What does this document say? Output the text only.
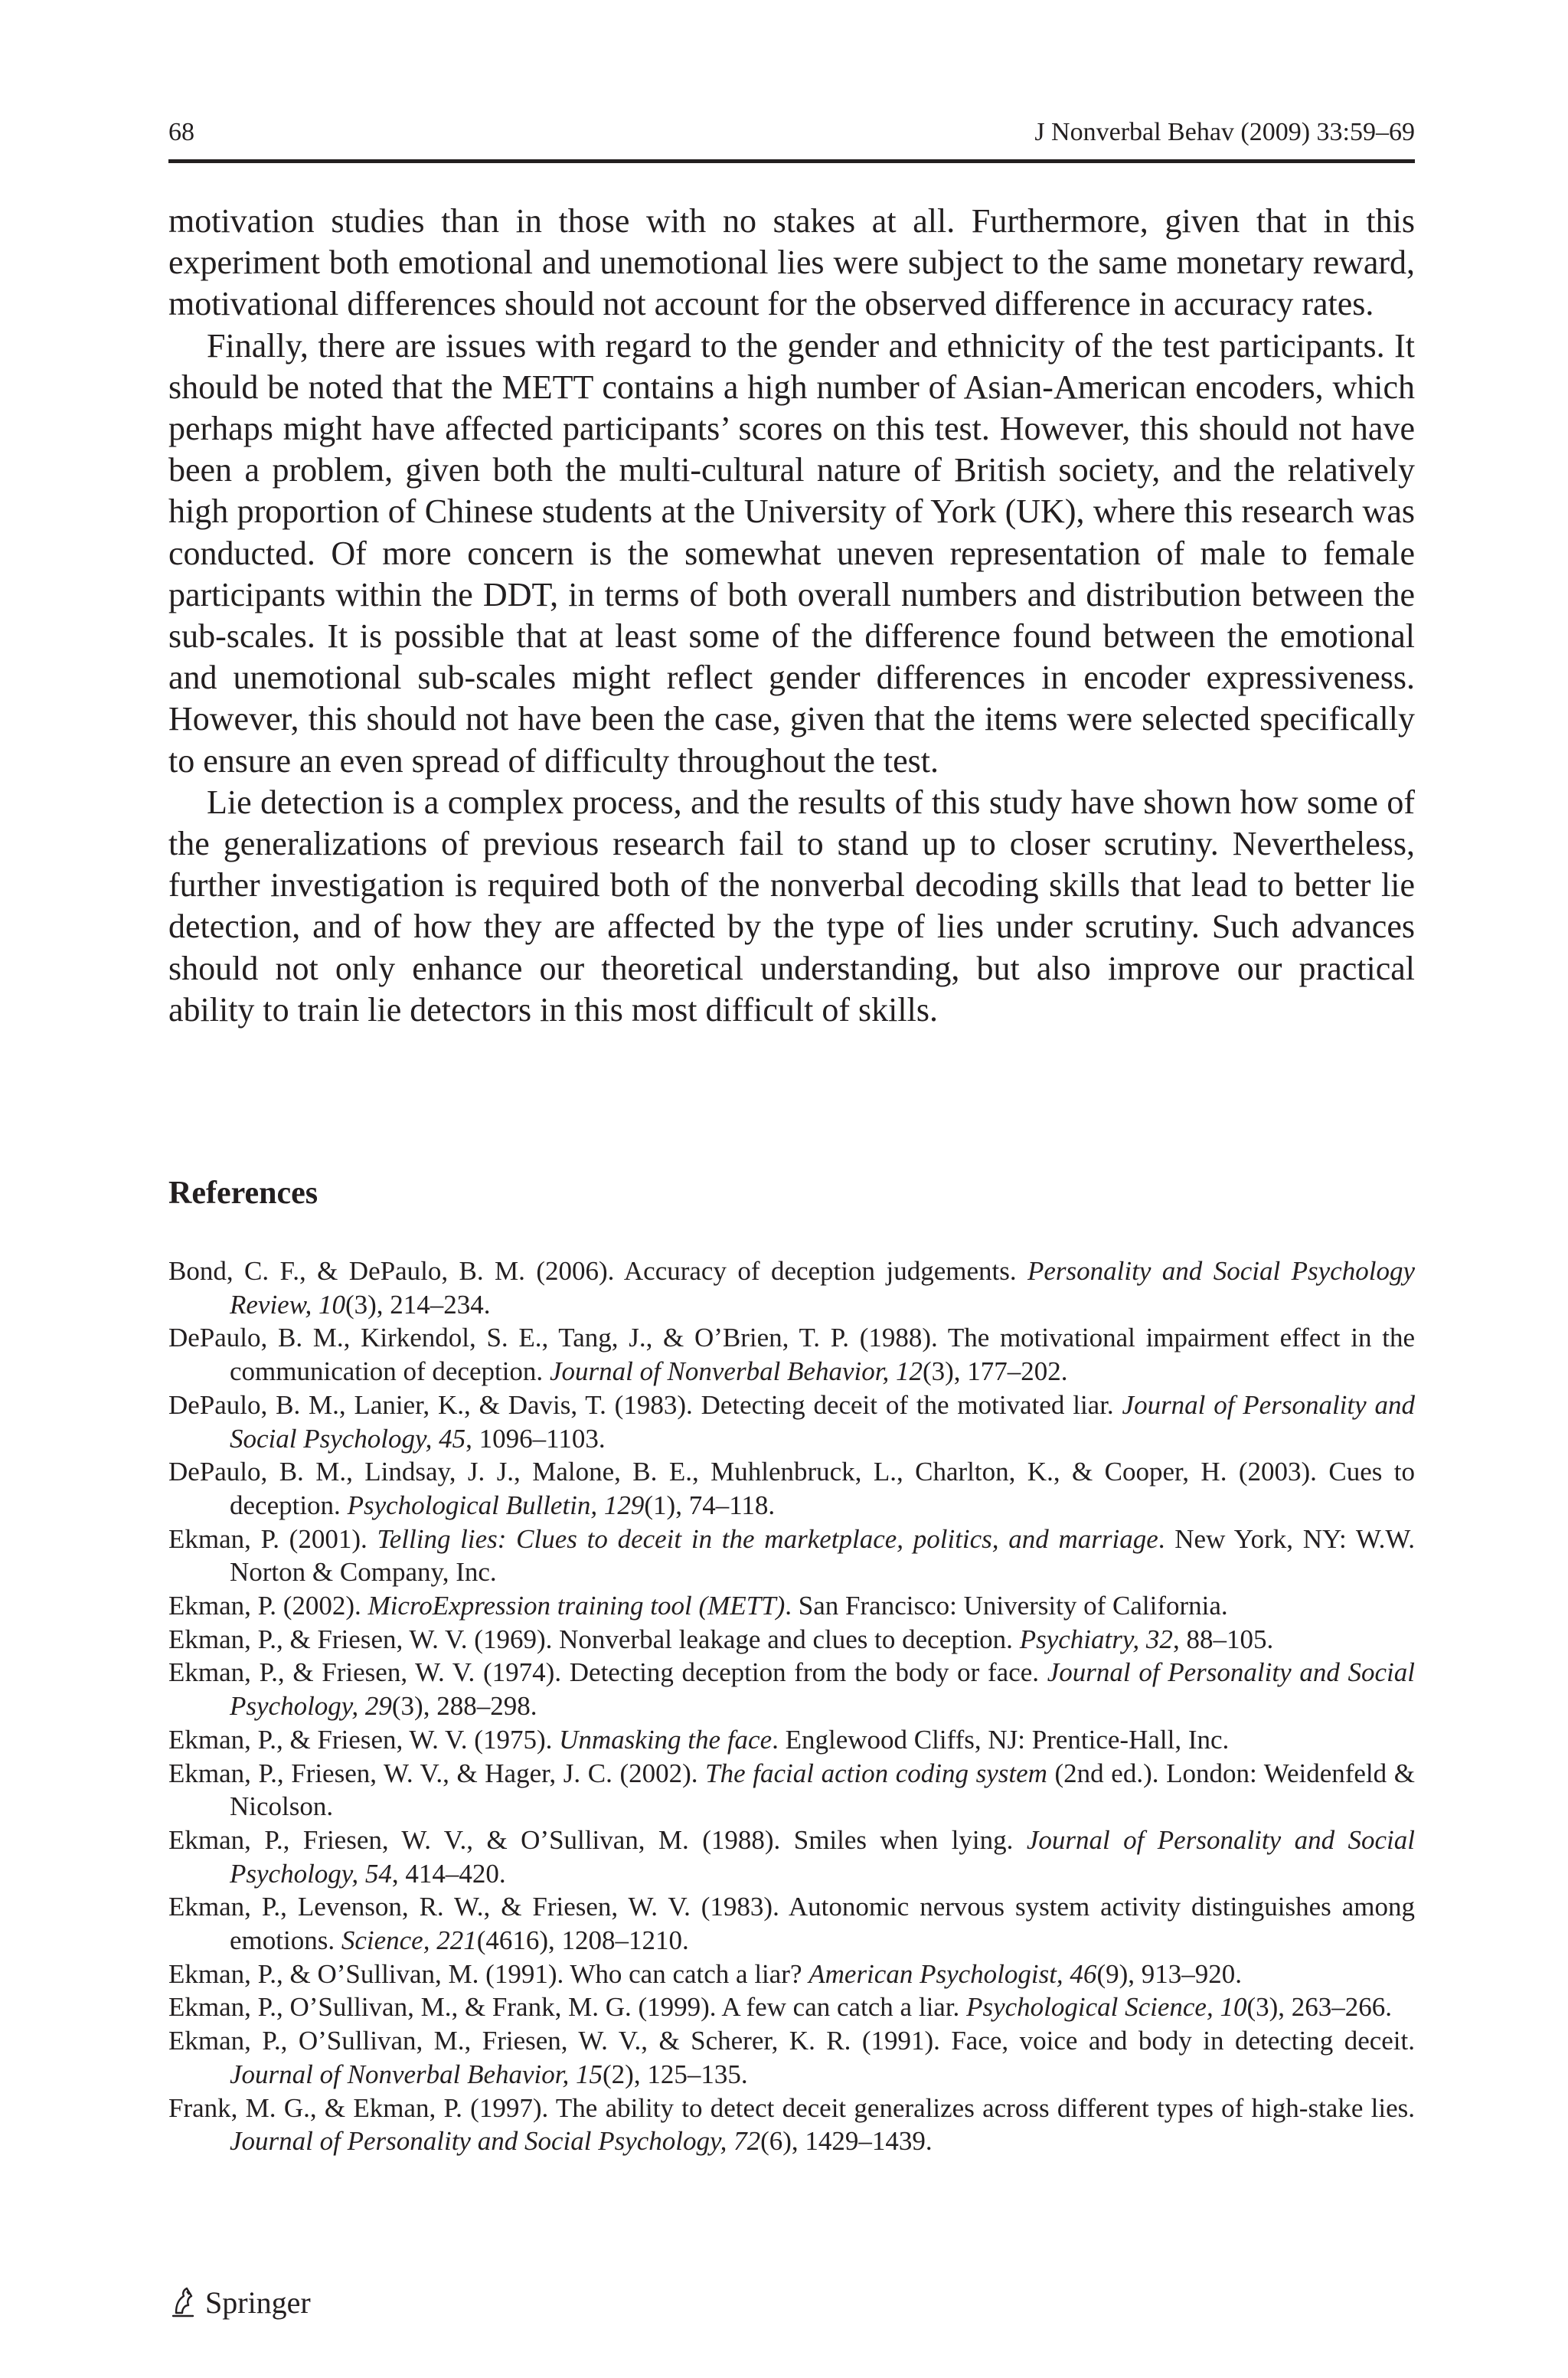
68	J Nonverbal Behav (2009) 33:59–69

motivation studies than in those with no stakes at all. Furthermore, given that in this experiment both emotional and unemotional lies were subject to the same monetary reward, motivational differences should not account for the observed difference in accuracy rates.

Finally, there are issues with regard to the gender and ethnicity of the test participants. It should be noted that the METT contains a high number of Asian-American encoders, which perhaps might have affected participants’ scores on this test. However, this should not have been a problem, given both the multi-cultural nature of British society, and the relatively high proportion of Chinese students at the University of York (UK), where this research was conducted. Of more concern is the somewhat uneven representation of male to female participants within the DDT, in terms of both overall numbers and distribution between the sub-scales. It is possible that at least some of the difference found between the emotional and unemotional sub-scales might reflect gender differences in encoder expressiveness. However, this should not have been the case, given that the items were selected specifically to ensure an even spread of difficulty throughout the test.

Lie detection is a complex process, and the results of this study have shown how some of the generalizations of previous research fail to stand up to closer scrutiny. Nevertheless, further investigation is required both of the nonverbal decoding skills that lead to better lie detection, and of how they are affected by the type of lies under scrutiny. Such advances should not only enhance our theoretical understanding, but also improve our practical ability to train lie detectors in this most difficult of skills.

References
Bond, C. F., & DePaulo, B. M. (2006). Accuracy of deception judgements. Personality and Social Psychology Review, 10(3), 214–234.
DePaulo, B. M., Kirkendol, S. E., Tang, J., & O’Brien, T. P. (1988). The motivational impairment effect in the communication of deception. Journal of Nonverbal Behavior, 12(3), 177–202.
DePaulo, B. M., Lanier, K., & Davis, T. (1983). Detecting deceit of the motivated liar. Journal of Personality and Social Psychology, 45, 1096–1103.
DePaulo, B. M., Lindsay, J. J., Malone, B. E., Muhlenbruck, L., Charlton, K., & Cooper, H. (2003). Cues to deception. Psychological Bulletin, 129(1), 74–118.
Ekman, P. (2001). Telling lies: Clues to deceit in the marketplace, politics, and marriage. New York, NY: W.W. Norton & Company, Inc.
Ekman, P. (2002). MicroExpression training tool (METT). San Francisco: University of California.
Ekman, P., & Friesen, W. V. (1969). Nonverbal leakage and clues to deception. Psychiatry, 32, 88–105.
Ekman, P., & Friesen, W. V. (1974). Detecting deception from the body or face. Journal of Personality and Social Psychology, 29(3), 288–298.
Ekman, P., & Friesen, W. V. (1975). Unmasking the face. Englewood Cliffs, NJ: Prentice-Hall, Inc.
Ekman, P., Friesen, W. V., & Hager, J. C. (2002). The facial action coding system (2nd ed.). London: Weidenfeld & Nicolson.
Ekman, P., Friesen, W. V., & O’Sullivan, M. (1988). Smiles when lying. Journal of Personality and Social Psychology, 54, 414–420.
Ekman, P., Levenson, R. W., & Friesen, W. V. (1983). Autonomic nervous system activity distinguishes among emotions. Science, 221(4616), 1208–1210.
Ekman, P., & O’Sullivan, M. (1991). Who can catch a liar? American Psychologist, 46(9), 913–920.
Ekman, P., O’Sullivan, M., & Frank, M. G. (1999). A few can catch a liar. Psychological Science, 10(3), 263–266.
Ekman, P., O’Sullivan, M., Friesen, W. V., & Scherer, K. R. (1991). Face, voice and body in detecting deceit. Journal of Nonverbal Behavior, 15(2), 125–135.
Frank, M. G., & Ekman, P. (1997). The ability to detect deceit generalizes across different types of high-stake lies. Journal of Personality and Social Psychology, 72(6), 1429–1439.
Springer
